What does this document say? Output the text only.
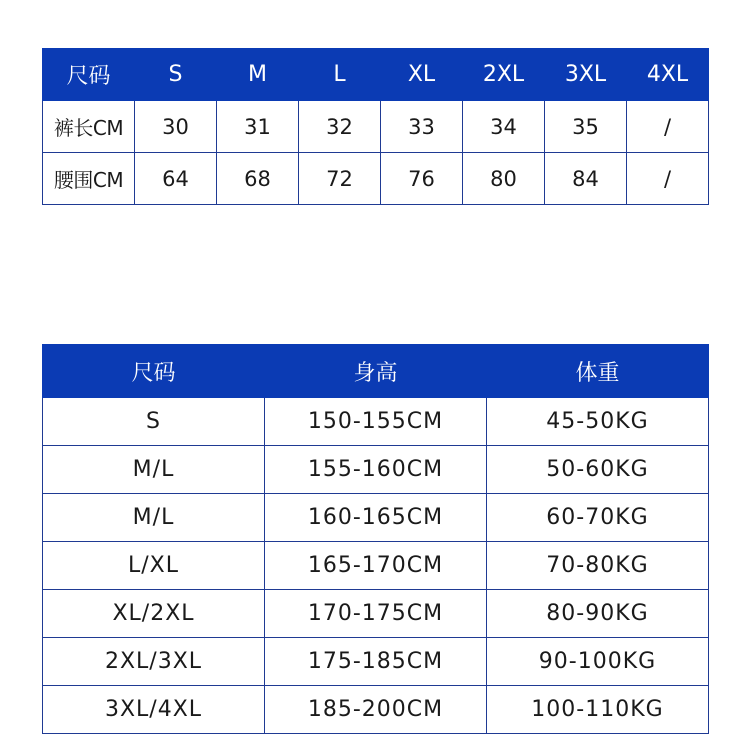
尺码	S	M	L	XL	2XL	3XL	4XL
裤长CM	30	31	32	33	34	35	/
腰围CM	64	68	72	76	80	84	/
尺码	身高	体重
S	150-155CM	45-50KG
M/L	155-160CM	50-60KG
M/L	160-165CM	60-70KG
L/XL	165-170CM	70-80KG
XL/2XL	170-175CM	80-90KG
2XL/3XL	175-185CM	90-100KG
3XL/4XL	185-200CM	100-110KG
